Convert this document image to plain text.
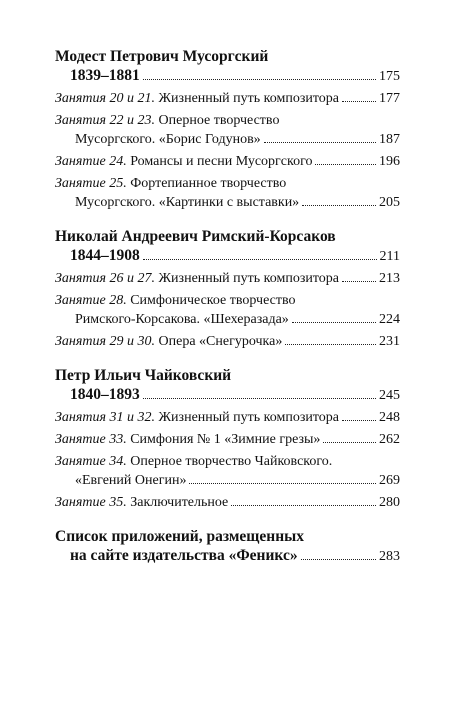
Модест Петрович Мусоргский
1839–1881	175
Занятия 20 и 21. Жизненный путь композитора	177
Занятия 22 и 23. Оперное творчество
Мусоргского. «Борис Годунов»	187
Занятие 24. Романсы и песни Мусоргского	196
Занятие 25. Фортепианное творчество
Мусоргского. «Картинки с выставки»	205
Николай Андреевич Римский-Корсаков
1844–1908	211
Занятия 26 и 27. Жизненный путь композитора	213
Занятие 28. Симфоническое творчество
Римского-Корсакова. «Шехеразада»	224
Занятия 29 и 30. Опера «Снегурочка»	231
Петр Ильич Чайковский
1840–1893	245
Занятия 31 и 32. Жизненный путь композитора	248
Занятие 33. Симфония № 1 «Зимние грезы»	262
Занятие 34. Оперное творчество Чайковского.
«Евгений Онегин»	269
Занятие 35. Заключительное	280
Список приложений, размещенных
на сайте издательства «Феникс»	283
